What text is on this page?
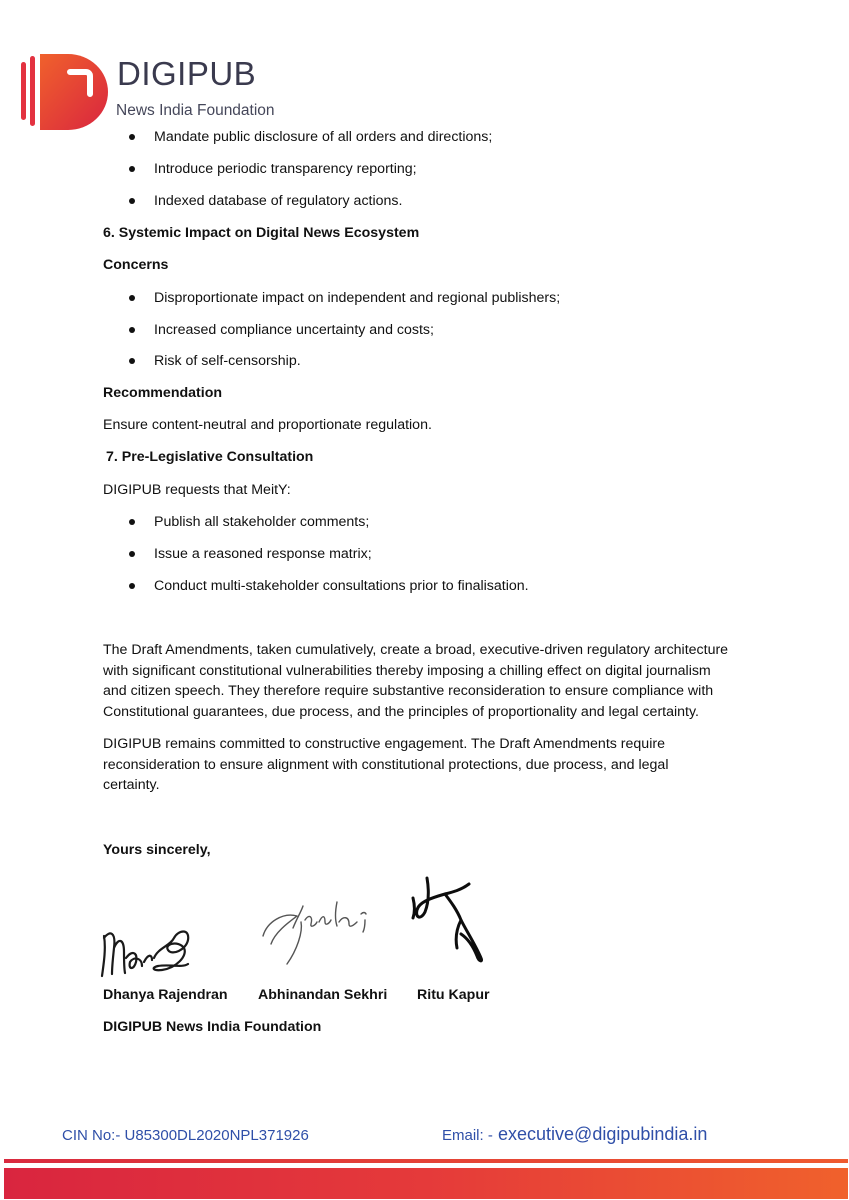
DIGIPUB
News India Foundation
Mandate public disclosure of all orders and directions;
Introduce periodic transparency reporting;
Indexed database of regulatory actions.
6. Systemic Impact on Digital News Ecosystem
Concerns
Disproportionate impact on independent and regional publishers;
Increased compliance uncertainty and costs;
Risk of self-censorship.
Recommendation
Ensure content-neutral and proportionate regulation.
7. Pre-Legislative Consultation
DIGIPUB requests that MeitY:
Publish all stakeholder comments;
Issue a reasoned response matrix;
Conduct multi-stakeholder consultations prior to finalisation.
The Draft Amendments, taken cumulatively, create a broad, executive-driven regulatory architecture
with significant constitutional vulnerabilities thereby imposing a chilling effect on digital journalism
and citizen speech. They therefore require substantive reconsideration to ensure compliance with
Constitutional guarantees, due process, and the principles of proportionality and legal certainty.
DIGIPUB remains committed to constructive engagement. The Draft Amendments require
reconsideration to ensure alignment with constitutional protections, due process, and legal
certainty.
Yours sincerely,
Dhanya Rajendran Abhinandan Sekhri Ritu Kapur
DIGIPUB News India Foundation
CIN No:- U85300DL2020NPL371926	Email: - executive@digipubindia.in
